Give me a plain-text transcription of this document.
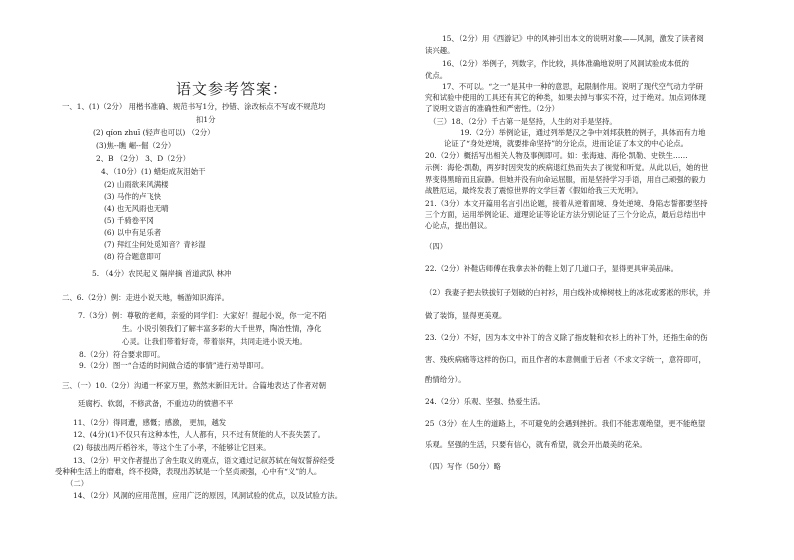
语文参考答案：
一、1、(1)（2分） 用楷书准确、规范书写1分，抄错、涂改标点不写或不规范均
扣1分
(2) qíon zhuī (轻声也可以) （2分）
(3)焦--瞧 崛--倔（2分）
2、B （2分） 3、D（2分）
4、（10分）(1) 蜡炬成灰泪始干
(2) 山雨欲来风满楼
(3) 马作的卢飞快
(4) 也无风雨也无晴
(5) 千骑卷平冈
(6) 以中有足乐者
(7) 拜红尘何处觅知音？青衫湿
(8) 符合题意即可
5. （4分）农民起义 隔岸摘 首道武队 林冲
二、6.（2分）例：走进小说天地，畅游知识海洋。
7.（3分）例：尊敬的老师，亲爱的同学们：大家好！提起小说，你一定不陌
生。小说引领我们了解丰富多彩的大千世界，陶冶性情，净化
心灵。让我们带着好奇，带着崇拜，共同走进小说天地。
8.（2分）符合要求即可。
9.（2分）图一“合适的时间做合适的事情”进行劝导即可。
三、（一）10.（2分）沟通一杯家万里，熬然末新旧无计。合篇地表达了作者对朝
廷腐朽、软弱，不修武备，不重边功的愤懑不平
11、（2分）得同遭，感慨；感激， 更加，越发
12、(4分)(1)不仅只有这种本性，人人都有，只不过有贤能的人不丧失罢了。
(2) 每拔出两斤稻谷米，等这个生了小孝，不能够让它回来。
13、（2分）甲文作者提出了舍生取义的观点，语文通过记叙苏轼在匈奴誓辞经受
受种种生活上的磨难，终不投降，表现出苏轼是一个坚贞顽强，心中有“义”的人。
（二）
14、（2分）风洞的应用范围，应用广泛的原因，风洞试验的优点，以及试验方法。
15、（2分）用《西游记》中的风神引出本文的说明对象——风洞，激发了读者阅
读兴趣。
16、（2分）举例子，列数字，作比较，具体准确地说明了风洞试验成本低的
优点。
17、不可以。“之一”是其中一种的意思，起限制作用。说明了现代空气动力学研
究和试验中使用的工具还有其它的种类，如果去掉与事实不符，过于绝对。加点词体现
了说明文语言的准确性和严密性。（2分）
（三）18、（2分）千古第一是坚持，人生的对手是坚持。
19.（2分）举例论证，通过列举楚汉之争中刘邦获胜的例子，具体而有力地
论证了“身处逆境，就要排命坚持”的分论点，进而论证了本文的中心论点。
20.（2分）概括写出相关人物及事例即可。如：张海迪、海伦·凯勒、史铁生……
示例：海伦·凯勒，两岁时因突发的疾病退红热而失去了视觉和听觉。从此以后，她的世
界变得黑暗而且寂静。但她并没有向命运屈服，而是坚持学习手语，用自己顽强的毅力
战胜厄运，最终发表了震惊世界的文学巨著《假如给我三天光明》。
21.（3分）本文开篇用名言引出论题，接着从逆着面境、身处逆境、身陷志誓都要坚持
三个方面，运用举例论证、道理论证等论证方法分别论证了三个分论点，最后总结出中
心论点，提出倡议。
（四）
22.（2分）补鞋店师傅在我拿去补的鞋上划了几道口子，显得更具审美品味。
（2）我妻子把去铁拔钉子划破的白衬衫，用白线补成樟树枝上的冰花或雾凇的形状，并
做了装饰，显得更美观。
23.（2分）不好，因为本文中补丁的含义除了指皮鞋和衣衫上的补丁外，还指生命的伤
害、残疾病痛等这样的伤口，而且作者的本意侧重于后者（不求文字统一，意符即可，
酌情给分）。
24.（2分）乐观、坚强、热爱生活。
25（3分）在人生的道路上，不可避免的会遇到挫折。我们不能悲观绝望，更不能绝望
乐观。坚强的生活，只要有信心，就有希望，就会开出最美的花朵。
（四）写作（50分）略
